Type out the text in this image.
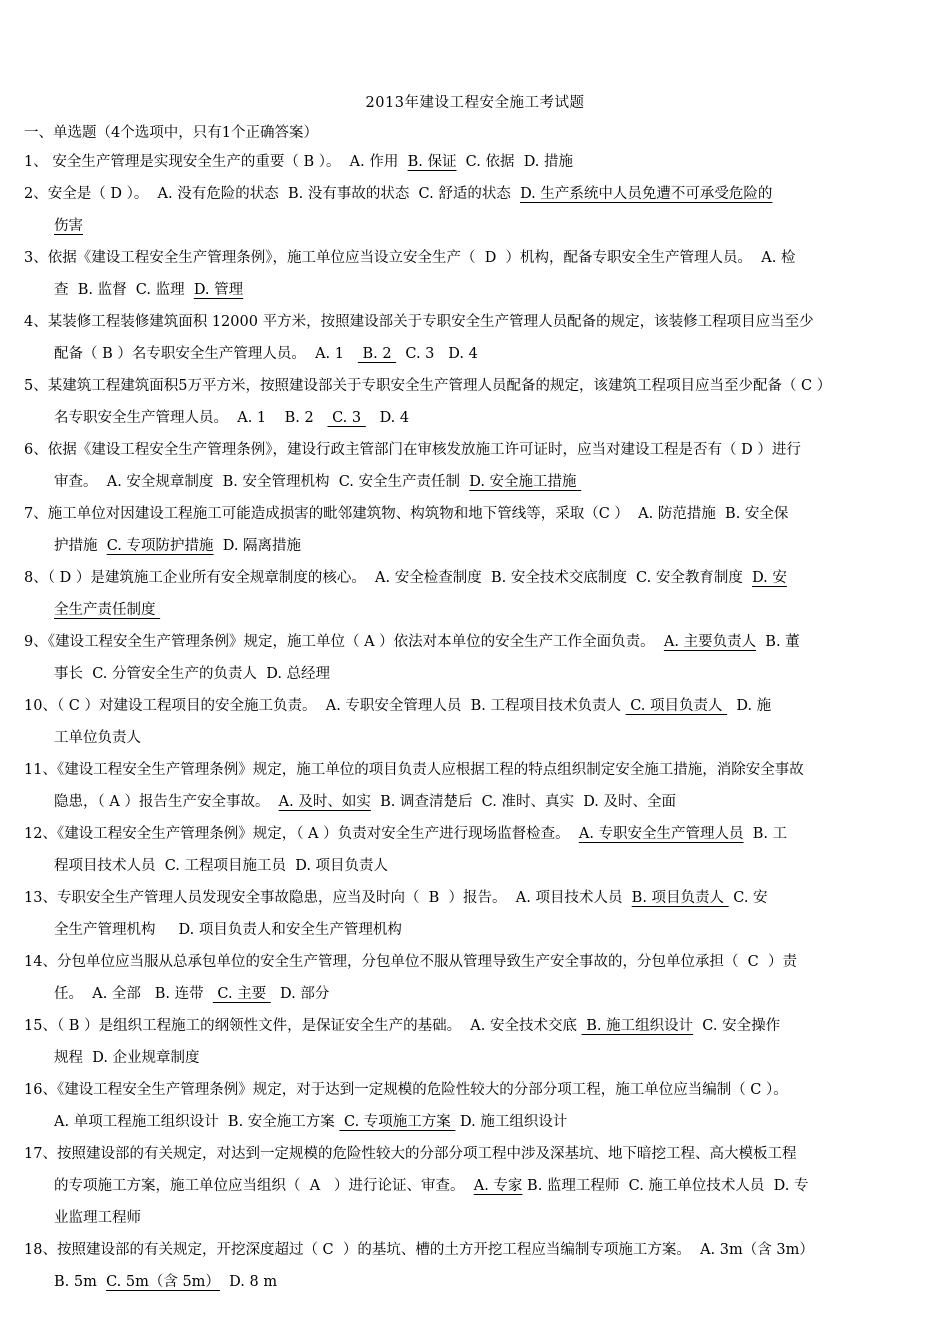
2013年建设工程安全施工考试题
一、单选题（4个选项中，只有1个正确答案）

1、 安全生产管理是实现安全生产的重要（ B ）。  A. 作用  B. 保证  C. 依据  D. 措施

2、安全是（ D ）。  A. 没有危险的状态  B. 没有事故的状态  C. 舒适的状态  D. 生产系统中人员免遭不可承受危险的

伤害

3、依据《建设工程安全生产管理条例》，施工单位应当设立安全生产（  D  ）机构，配备专职安全生产管理人员。  A. 检

查  B. 监督  C. 监理  D. 管理

4、某装修工程装修建筑面积 12000 平方米，按照建设部关于专职安全生产管理人员配备的规定，该装修工程项目应当至少

配备（ B ）名专职安全生产管理人员。  A. 1    B. 2   C. 3   D. 4

5、某建筑工程建筑面积5万平方米，按照建设部关于专职安全生产管理人员配备的规定，该建筑工程项目应当至少配备（ C ）

名专职安全生产管理人员。  A. 1    B. 2    C. 3    D. 4

6、依据《建设工程安全生产管理条例》，建设行政主管部门在审核发放施工许可证时，应当对建设工程是否有（ D ）进行

审查。  A. 安全规章制度  B. 安全管理机构  C. 安全生产责任制  D. 安全施工措施

7、施工单位对因建设工程施工可能造成损害的毗邻建筑物、构筑物和地下管线等，采取（C ）  A. 防范措施  B. 安全保

护措施  C. 专项防护措施  D. 隔离措施

8、（ D ）是建筑施工企业所有安全规章制度的核心。  A. 安全检查制度  B. 安全技术交底制度  C. 安全教育制度  D. 安

全生产责任制度

9、《建设工程安全生产管理条例》规定，施工单位（ A ）依法对本单位的安全生产工作全面负责。  A. 主要负责人  B. 董

事长  C. 分管安全生产的负责人  D. 总经理

10、（ C ）对建设工程项目的安全施工负责。  A. 专职安全管理人员  B. 工程项目技术负责人  C. 项目负责人   D. 施

工单位负责人

11、《建设工程安全生产管理条例》规定，施工单位的项目负责人应根据工程的特点组织制定安全施工措施，消除安全事故

隐患，（ A ）报告生产安全事故。  A. 及时、如实  B. 调查清楚后  C. 准时、真实  D. 及时、全面

12、《建设工程安全生产管理条例》规定，（ A ）负责对安全生产进行现场监督检查。  A. 专职安全生产管理人员  B. 工

程项目技术人员  C. 工程项目施工员  D. 项目负责人

13、专职安全生产管理人员发现安全事故隐患，应当及时向（  B  ）报告。  A. 项目技术人员  B. 项目负责人  C. 安

全生产管理机构     D. 项目负责人和安全生产管理机构

14、分包单位应当服从总承包单位的安全生产管理，分包单位不服从管理导致生产安全事故的，分包单位承担（  C  ）责

任。  A. 全部   B. 连带   C. 主要   D. 部分

15、（ B ）是组织工程施工的纲领性文件，是保证安全生产的基础。  A. 安全技术交底  B. 施工组织设计  C. 安全操作

规程  D. 企业规章制度

16、《建设工程安全生产管理条例》规定，对于达到一定规模的危险性较大的分部分项工程，施工单位应当编制（ C ）。

A. 单项工程施工组织设计  B. 安全施工方案  C. 专项施工方案  D. 施工组织设计

17、按照建设部的有关规定，对达到一定规模的危险性较大的分部分项工程中涉及深基坑、地下暗挖工程、高大模板工程

的专项施工方案，施工单位应当组织（  A   ）进行论证、审查。  A. 专家 B. 监理工程师  C. 施工单位技术人员  D. 专

业监理工程师

18、按照建设部的有关规定，开挖深度超过（ C  ）的基坑、槽的土方开挖工程应当编制专项施工方案。  A. 3m（含 3m）

B. 5m  C. 5m（含 5m）  D. 8 m
